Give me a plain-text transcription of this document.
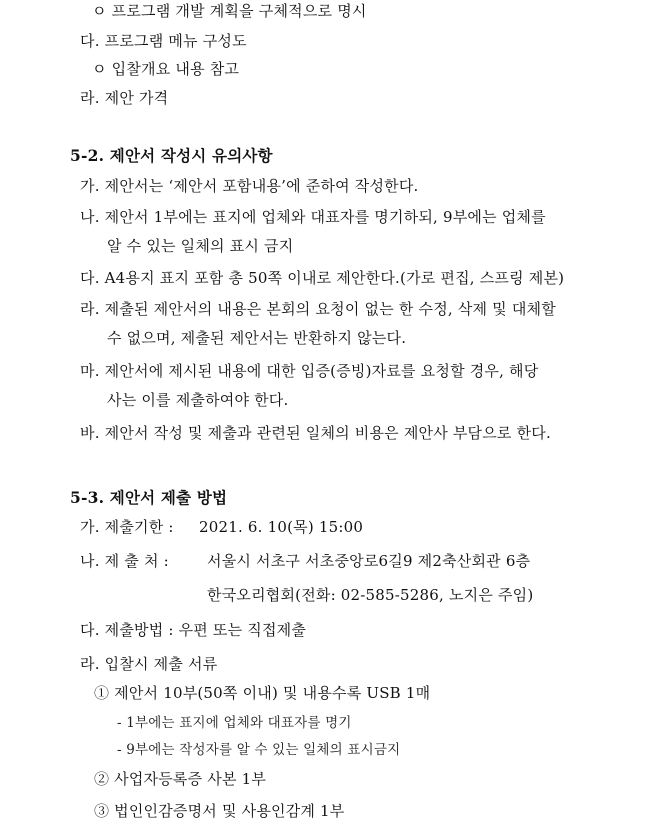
ㅇ 프로그램 개발 계획을 구체적으로 명시
다. 프로그램 메뉴 구성도
ㅇ 입찰개요 내용 참고
라. 제안 가격
5-2. 제안서 작성시 유의사항
가. 제안서는 ‘제안서 포함내용’에 준하여 작성한다.
나. 제안서 1부에는 표지에 업체와 대표자를 명기하되, 9부에는 업체를
알 수 있는 일체의 표시 금지
다. A4용지 표지 포함 총 50쪽 이내로 제안한다.(가로 편집, 스프링 제본)
라. 제출된 제안서의 내용은 본회의 요청이 없는 한 수정, 삭제 및 대체할
수 없으며, 제출된 제안서는 반환하지 않는다.
마. 제안서에 제시된 내용에 대한 입증(증빙)자료를 요청할 경우, 해당
사는 이를 제출하여야 한다.
바. 제안서 작성 및 제출과 관련된 일체의 비용은 제안사 부담으로 한다.
5-3. 제안서 제출 방법
가. 제출기한 : 2021. 6. 10(목) 15:00
나. 제 출 처 :	서울시 서초구 서초중앙로6길9 제2축산회관 6층
한국오리협회(전화: 02-585-5286, 노지은 주임)
다. 제출방법 : 우편 또는 직접제출
라. 입찰시 제출 서류
① 제안서 10부(50쪽 이내) 및 내용수록 USB 1매
- 1부에는 표지에 업체와 대표자를 명기
- 9부에는 작성자를 알 수 있는 일체의 표시금지
② 사업자등록증 사본 1부
③ 법인인감증명서 및 사용인감계 1부
